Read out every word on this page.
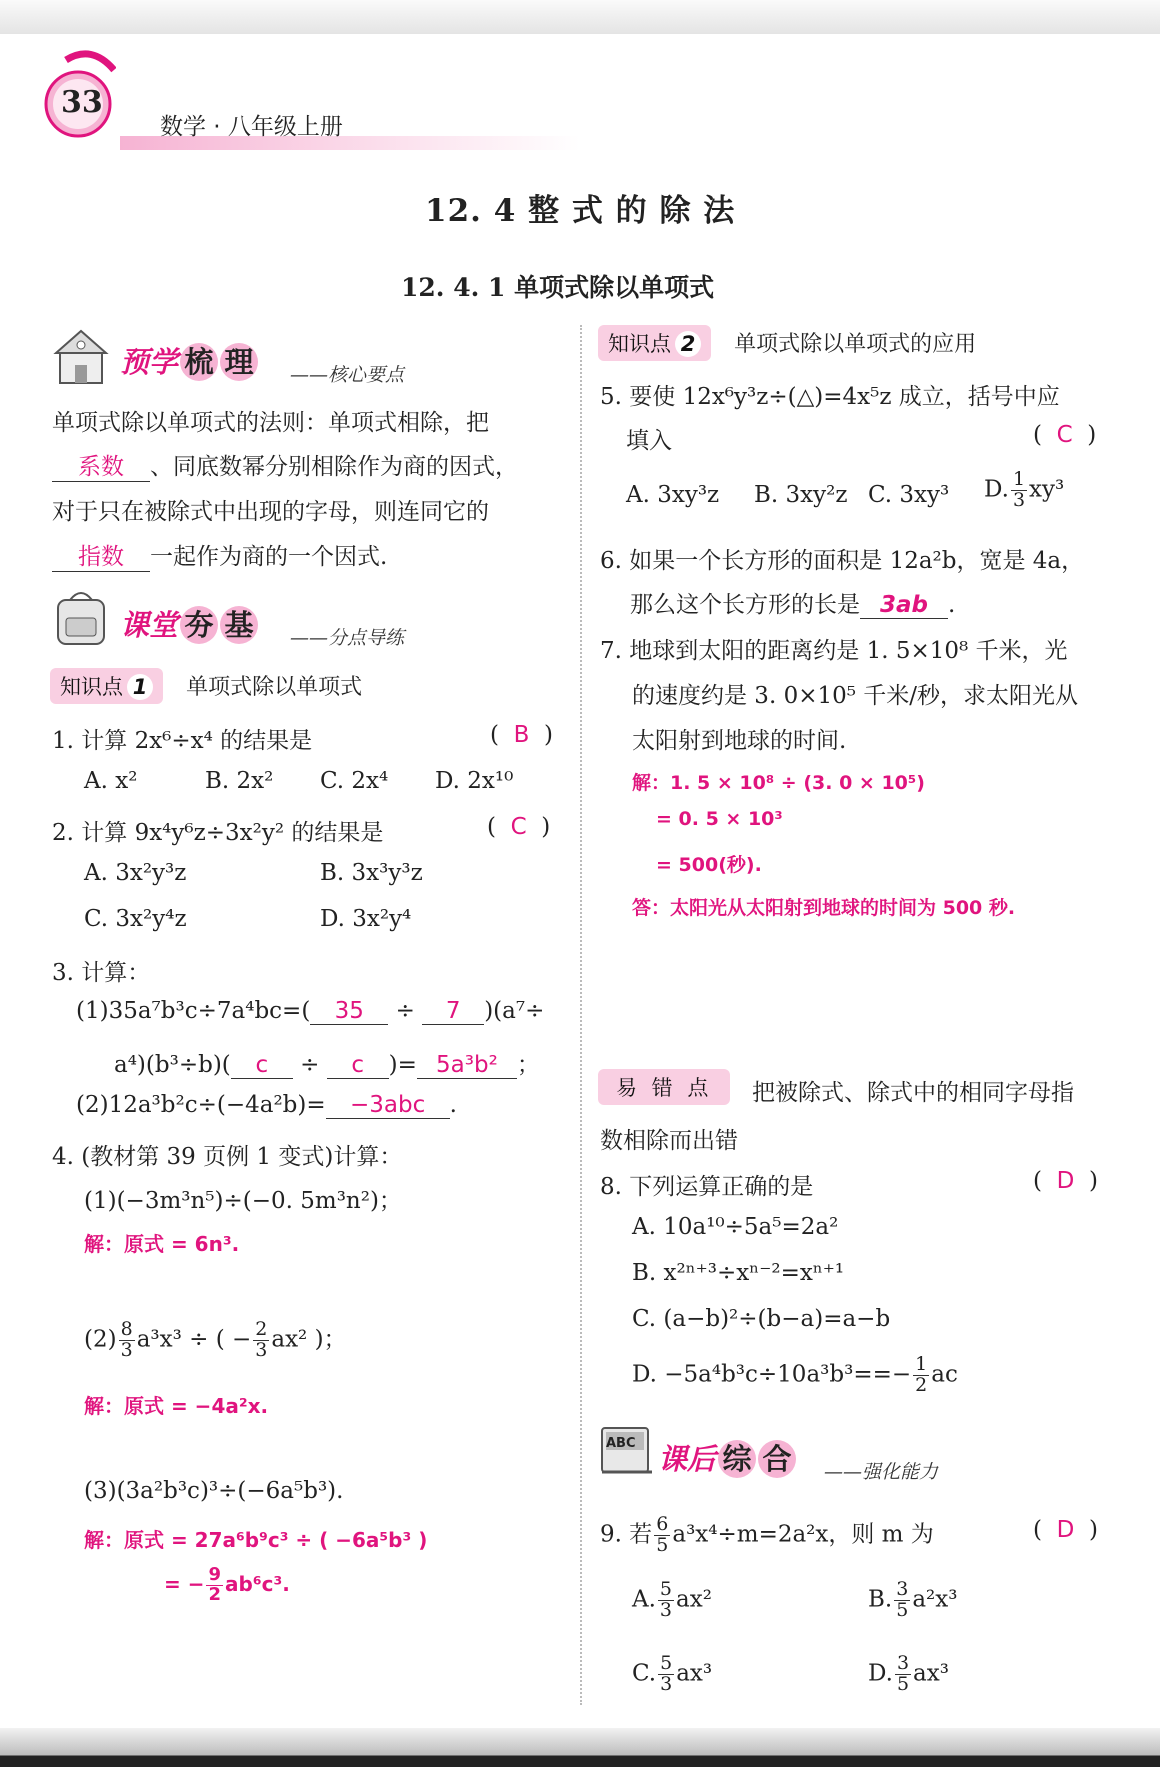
33
数学 · 八年级上册
12. 4 整 式 的 除 法
12. 4. 1 单项式除以单项式
预学 梳 理 ——核心要点
单项式除以单项式的法则：单项式相除，把
系数 、同底数幂分别相除作为商的因式，
对于只在被除式中出现的字母，则连同它的
指数 一起作为商的一个因式.
课堂 夯 基 ——分点导练
知识点 1 单项式除以单项式
1. 计算 2x⁶÷x⁴ 的结果是	(  B  )
A. x²	B. 2x² C. 2x⁴ D. 2x¹⁰
2. 计算 9x⁴y⁶z÷3x²y² 的结果是	(  C  )
A. 3x²y³z	B. 3x³y³z
C. 3x²y⁴z	D. 3x²y⁴
3. 计算：
(1)35a⁷b³c÷7a⁴bc=( 35 ÷ 7 )(a⁷÷
a⁴)(b³÷b)( c ÷ c )= 5a³b² ；
(2)12a³b²c÷(−4a²b)= −3abc .
4. (教材第 39 页例 1 变式)计算：
(1)(−3m³n⁵)÷(−0. 5m³n²)；
解：原式 = 6n³.
$(2) \frac{8}{3} a^3x^3$ ÷ ( − $\frac{2}{3} ax^2$ )；
解：原式 = −4a²x.
(3)(3a²b³c)³÷(−6a⁵b³).
解：原式 = 27a⁶b⁹c³ ÷ ( −6a⁵b³ )
= − $\frac{9}{2} ab^6c^3$.
知识点 2 单项式除以单项式的应用
5. 要使 12x⁶y³z÷(△)=4x⁵z 成立，括号中应
填入	(  C  )
A. 3xy³z B. 3xy²z C. 3xy³ D. $\frac{1}{3} xy^3$
6. 如果一个长方形的面积是 12a²b，宽是 4a，
那么这个长方形的长是 3ab .
7. 地球到太阳的距离约是 1. 5×10⁸ 千米，光
的速度约是 3. 0×10⁵ 千米/秒，求太阳光从
太阳射到地球的时间.
解：1. 5 × 10⁸ ÷ (3. 0 × 10⁵)
= 0. 5 × 10³
= 500(秒).
答：太阳光从太阳射到地球的时间为 500 秒.
易 错 点	把被除式、除式中的相同字母指
数相除而出错
8. 下列运算正确的是	(  D  )
A. 10a¹⁰÷5a⁵=2a²
B. x²ⁿ⁺³÷xⁿ⁻²=xⁿ⁺¹
C. (a−b)²÷(b−a)=a−b
D. $-5a^4b^3c\div 10a^3b^3==- \frac{1}{2}$ ac
ABC 课后 综 合 ——强化能力
9. 若 $\frac{6}{5} a^3x^4\div m=2a^2x$，则 m 为	(  D  )
A. $\frac{5}{3} ax^2$	B. $\frac{3}{5} a^2x^3$
C. $\frac{5}{3} ax^3$	D. $\frac{3}{5} ax^3$
